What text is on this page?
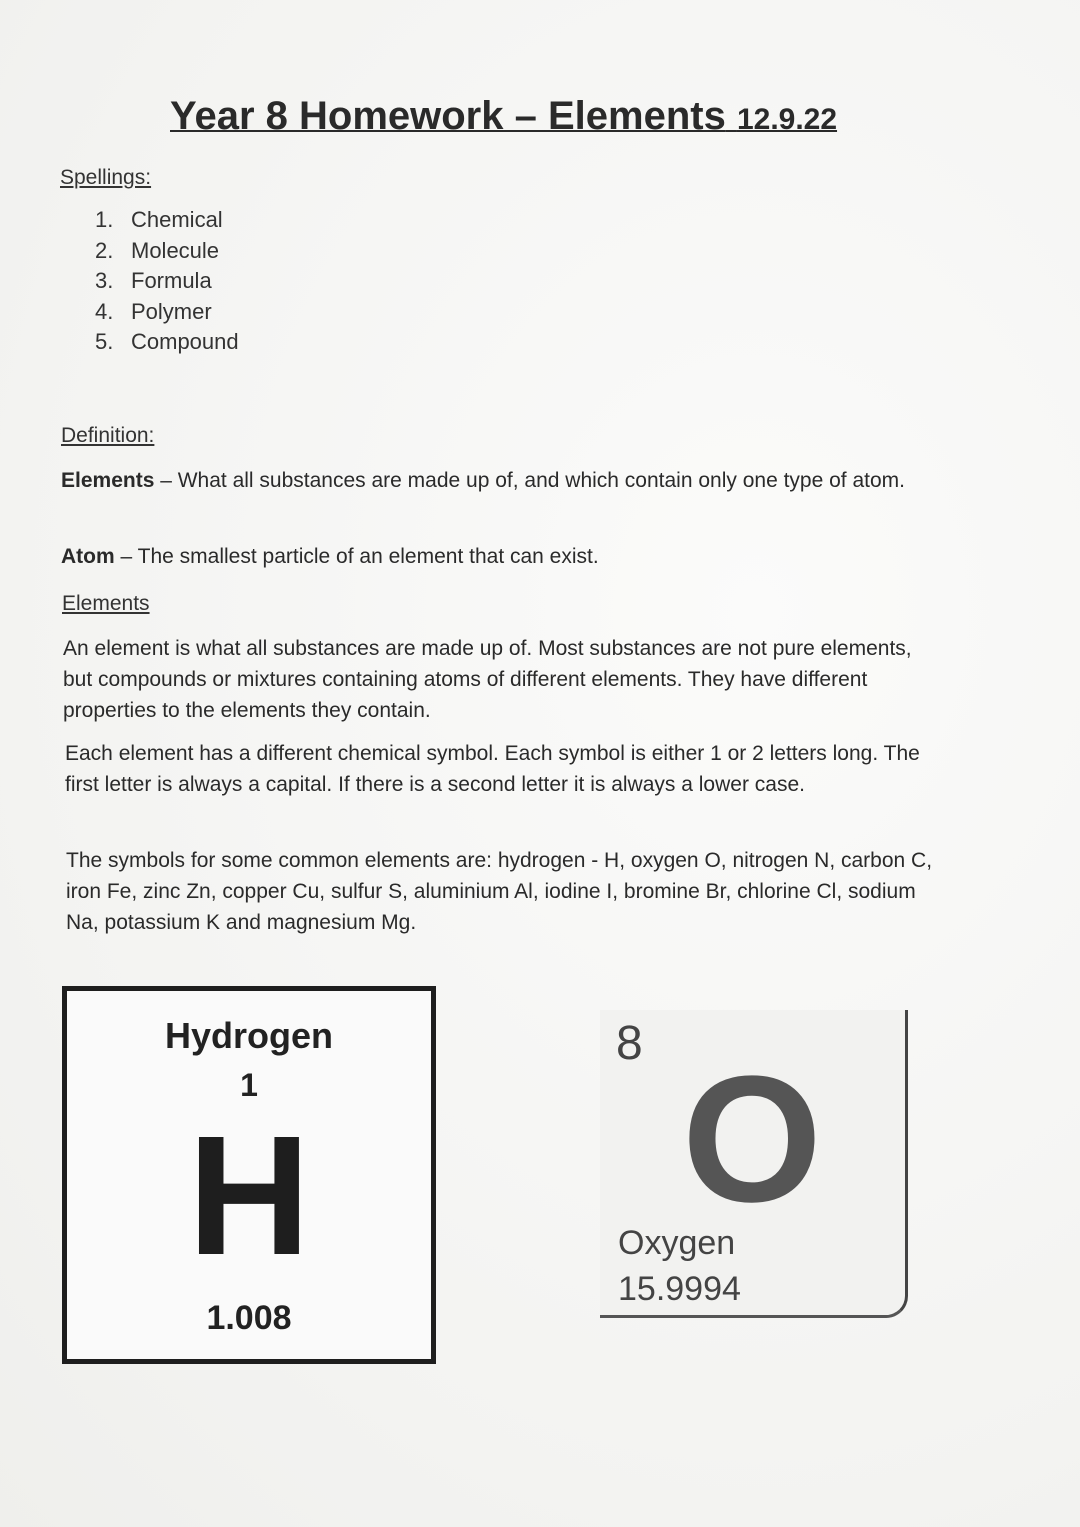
Year 8 Homework – Elements 12.9.22
Spellings:
1. Chemical
2. Molecule
3. Formula
4. Polymer
5. Compound
Definition:
Elements – What all substances are made up of, and which contain only one type of atom.
Atom – The smallest particle of an element that can exist.
Elements
An element is what all substances are made up of. Most substances are not pure elements, but compounds or mixtures containing atoms of different elements. They have different properties to the elements they contain.
Each element has a different chemical symbol. Each symbol is either 1 or 2 letters long. The first letter is always a capital. If there is a second letter it is always a lower case.
The symbols for some common elements are: hydrogen - H, oxygen O, nitrogen N, carbon C, iron Fe, zinc Zn, copper Cu, sulfur S, aluminium Al, iodine I, bromine Br, chlorine Cl, sodium Na, potassium K and magnesium Mg.
Hydrogen
1
H
1.008
8 O
Oxygen
15.9994
